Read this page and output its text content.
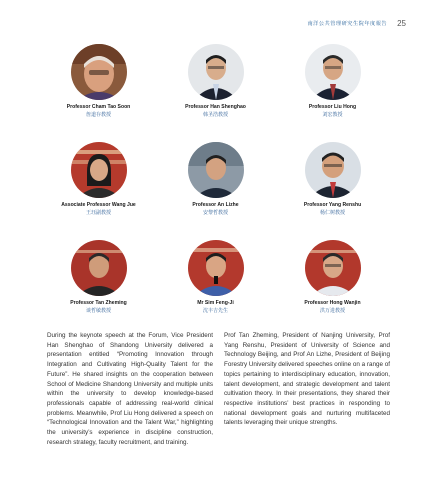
南洋公共管理研究生院年度報告 25
Professor Cham Tao Soon
詹道存教授
Professor Han Shenghao
韩圣浩教授
Professor Liu Hong
刘宏教授
Associate Professor Wang Jue
王珏副教授
Professor An Lizhe
安黎哲教授
Professor Yang Renshu
杨仁树教授
Professor Tan Zheming
谈哲敏教授
Mr Sim Feng-Ji
沈丰吉先生
Professor Hong Wanjin
洪万进教授
During the keynote speech at the Forum, Vice President Han Shenghao of Shandong University delivered a presentation entitled “Promoting Innovation through Integration and Cultivating High-Quality Talent for the Future”. He shared insights on the cooperation between School of Medicine Shandong University and multiple units within the university to develop knowledge-based professionals capable of addressing real-world clinical problems. Meanwhile, Prof Liu Hong delivered a speech on “Technological Innovation and the Talent War,” highlighting the university’s experience in discipline construction, research strategy, faculty recruitment, and training.
Prof Tan Zheming, President of Nanjing University, Prof Yang Renshu, President of University of Science and Technology Beijing, and Prof An Lizhe, President of Beijing Forestry University delivered speeches online on a range of topics pertaining to interdisciplinary education, innovation, talent development, and strategic development and talent cultivation theory. In their presentations, they shared their respective institutions’ best practices in responding to national development goals and nurturing multifaceted talents leveraging their unique strengths.
